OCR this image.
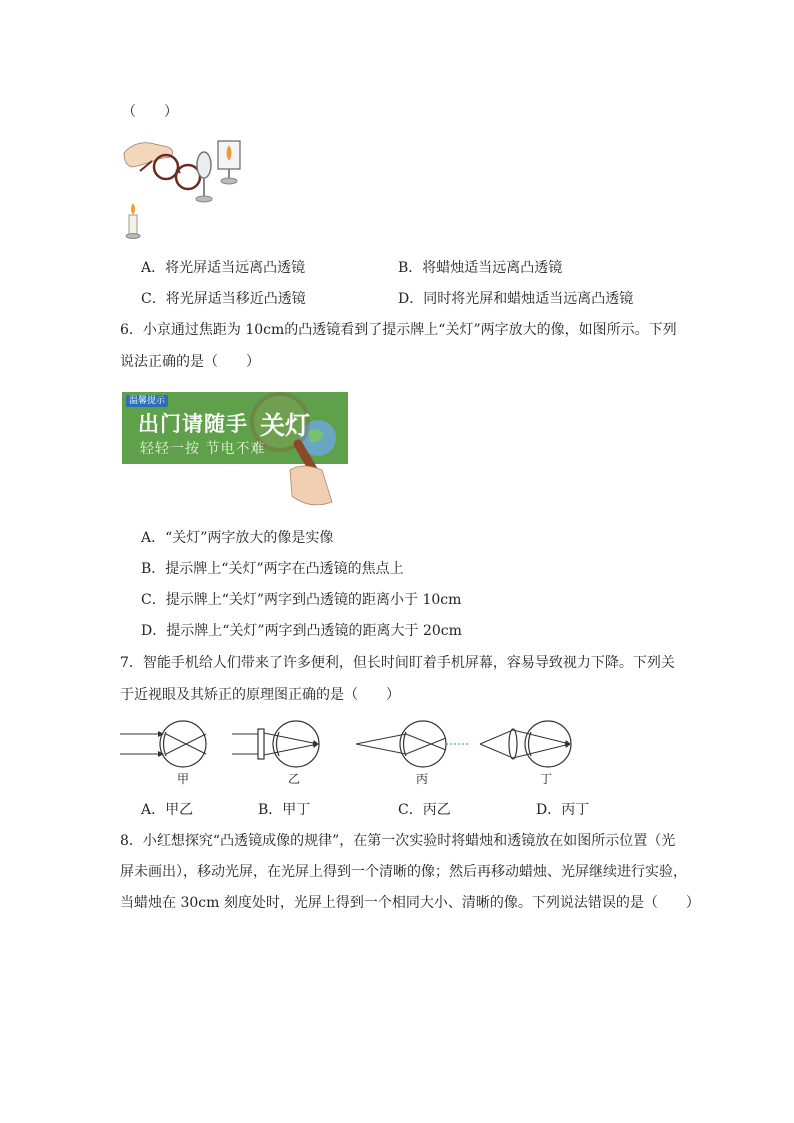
（　　）
A．将光屏适当远离凸透镜	B．将蜡烛适当远离凸透镜
C．将光屏适当移近凸透镜	D．同时将光屏和蜡烛适当远离凸透镜
6．小京通过焦距为 10cm的凸透镜看到了提示牌上“关灯”两字放大的像，如图所示。下列
说法正确的是（　　）
温馨提示
出门请随手
轻轻一按 节电不难
关灯
A．“关灯”两字放大的像是实像
B．提示牌上“关灯”两字在凸透镜的焦点上
C．提示牌上“关灯”两字到凸透镜的距离小于 10cm
D．提示牌上“关灯”两字到凸透镜的距离大于 20cm
7．智能手机给人们带来了许多便利，但长时间盯着手机屏幕，容易导致视力下降。下列关
于近视眼及其矫正的原理图正确的是（　　）
甲	乙	丙	丁
A．甲乙	B．甲丁	C．丙乙	D．丙丁
8．小红想探究“凸透镜成像的规律”，在第一次实验时将蜡烛和透镜放在如图所示位置（光
屏未画出），移动光屏，在光屏上得到一个清晰的像；然后再移动蜡烛、光屏继续进行实验，
当蜡烛在 30cm 刻度处时，光屏上得到一个相同大小、清晰的像。下列说法错误的是（　　）
